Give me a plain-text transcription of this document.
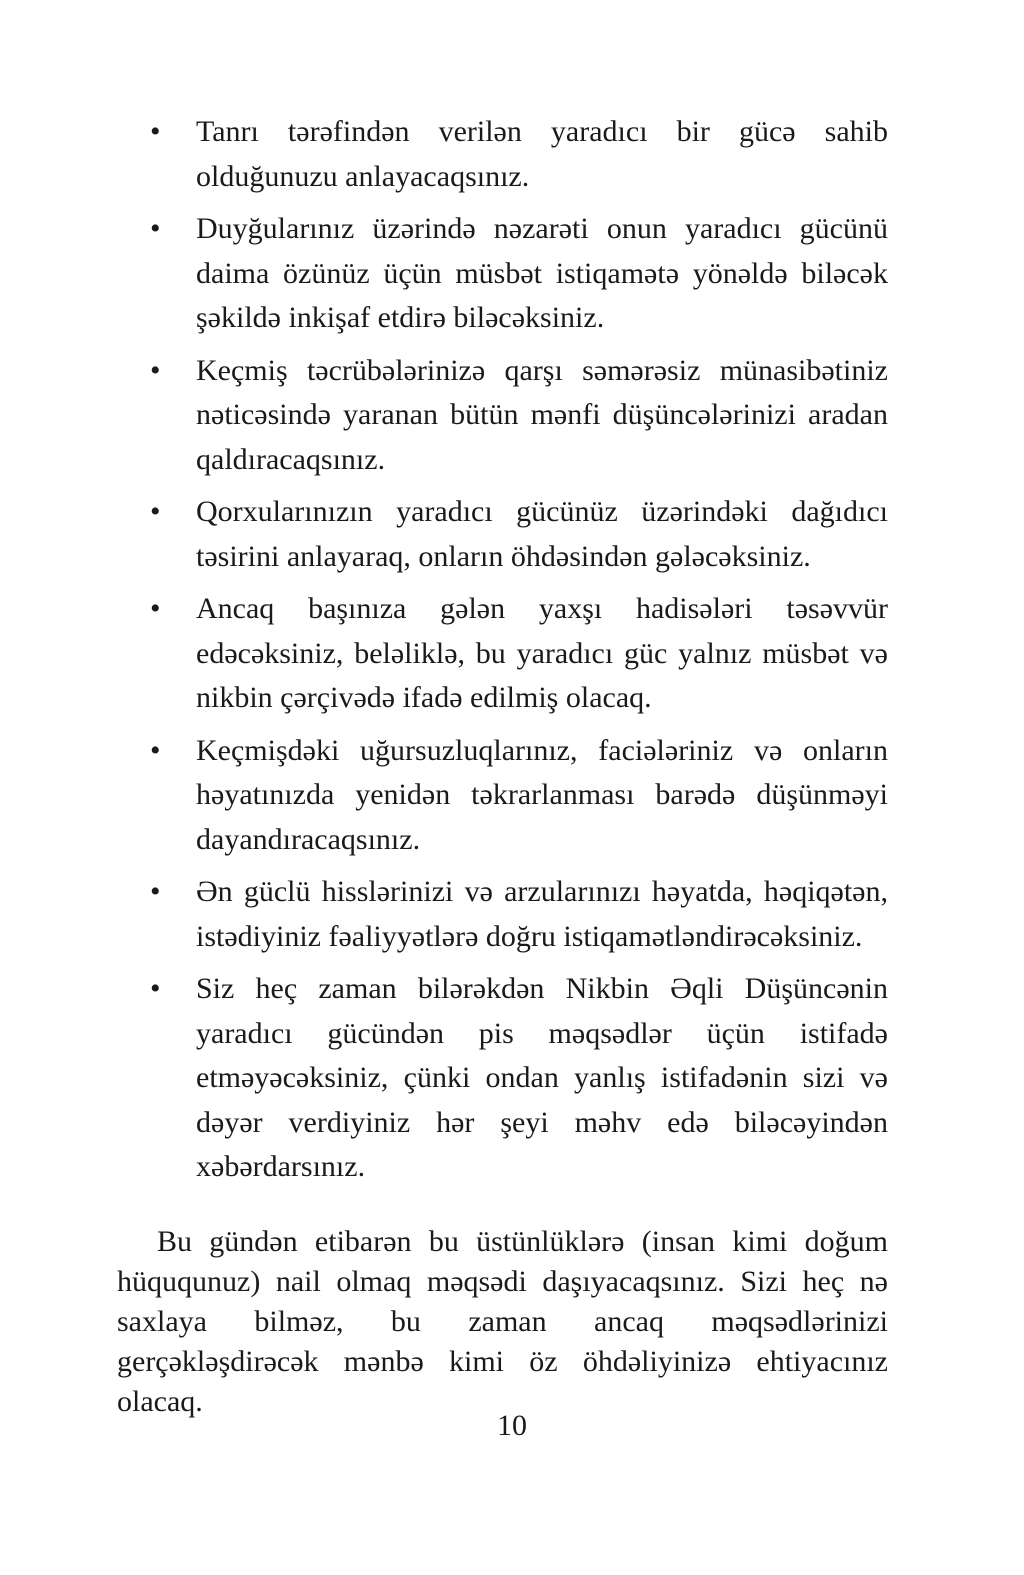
• Tanrı tərəfindən verilən yaradıcı bir gücə sahib olduğunuzu anlayacaqsınız.
• Duyğularınız üzərində nəzarəti onun yaradıcı gücünü daima özünüz üçün müsbət istiqamətə yönəldə biləcək şəkildə inkişaf etdirə biləcəksiniz.
• Keçmiş təcrübələrinizə qarşı səmərəsiz münasibətiniz nəticəsində yaranan bütün mənfi düşüncələrinizi aradan qaldıracaqsınız.
• Qorxularınızın yaradıcı gücünüz üzərindəki dağıdıcı təsirini anlayaraq, onların öhdəsindən gələcəksiniz.
• Ancaq başınıza gələn yaxşı hadisələri təsəvvür edəcəksiniz, beləliklə, bu yaradıcı güc yalnız müsbət və nikbin çərçivədə ifadə edilmiş olacaq.
• Keçmişdəki uğursuzluqlarınız, faciələriniz və onların həyatınızda yenidən təkrarlanması barədə düşünməyi dayandıracaqsınız.
• Ən güclü hisslərinizi və arzularınızı həyatda, həqiqətən, istədiyiniz fəaliyyətlərə doğru istiqamətləndirəcəksiniz.
• Siz heç zaman bilərəkdən Nikbin Əqli Düşüncənin yaradıcı gücündən pis məqsədlər üçün istifadə etməyəcəksiniz, çünki ondan yanlış istifadənin sizi və dəyər verdiyiniz hər şeyi məhv edə biləcəyindən xəbərdarsınız.

Bu gündən etibarən bu üstünlüklərə (insan kimi doğum hüququnuz) nail olmaq məqsədi daşıyacaqsınız. Sizi heç nə saxlaya bilməz, bu zaman ancaq məqsədlərinizi gerçəkləşdirəcək mənbə kimi öz öhdəliyinizə ehtiyacınız olacaq.

10
